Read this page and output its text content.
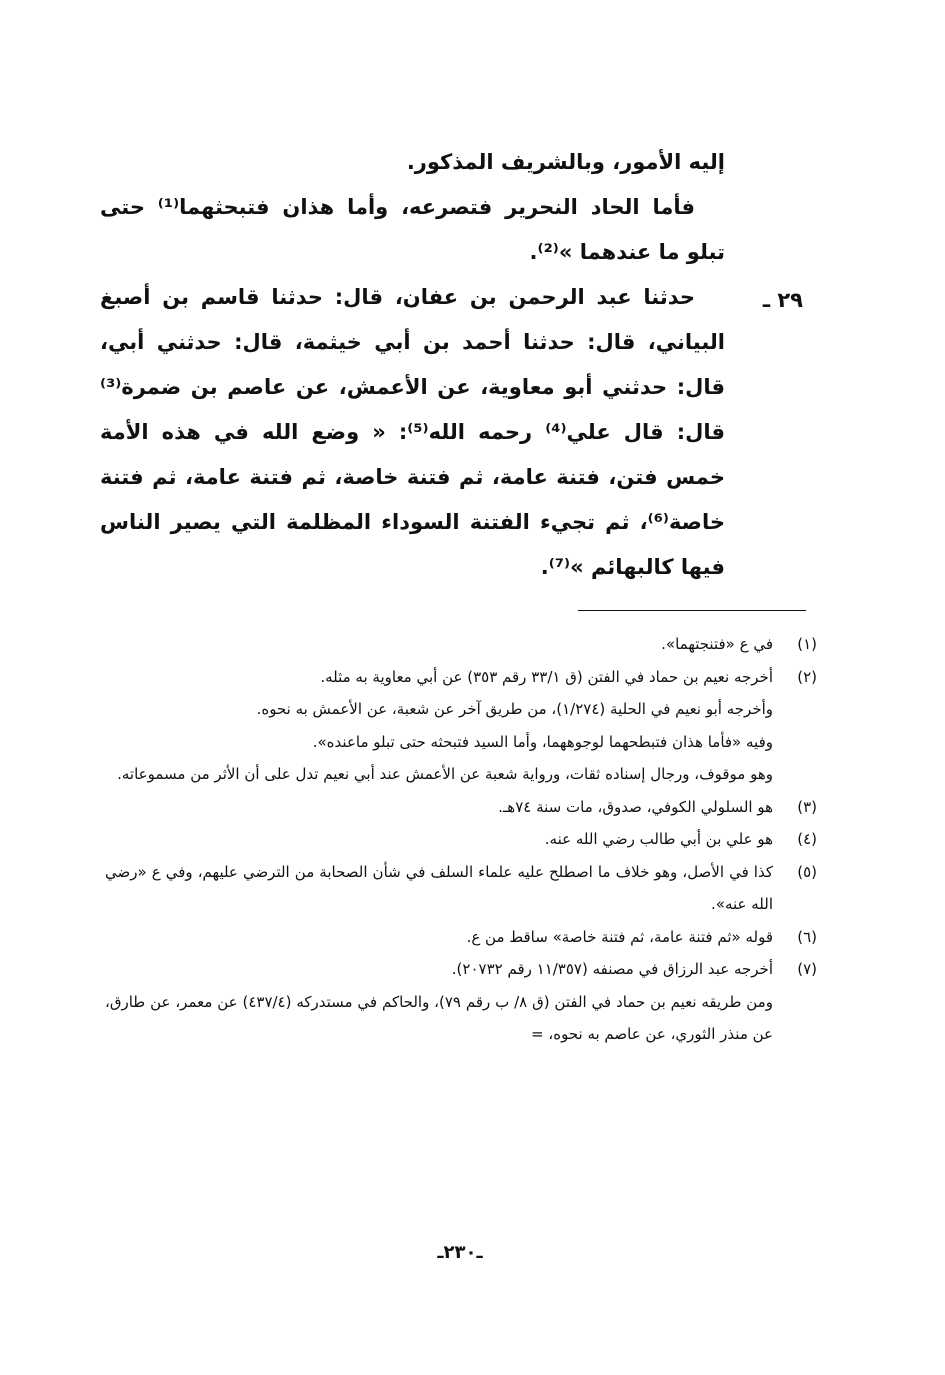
إليه الأمور، وبالشريف المذكور.

فأما الحاد النحرير فتصرعه، وأما هذان فتبحثهما⁽¹⁾ حتى تبلو ما عندهما »⁽²⁾.

حدثنا عبد الرحمن بن عفان، قال: حدثنا قاسم بن أصبغ البياني، قال: حدثنا أحمد بن أبي خيثمة، قال: حدثني أبي، قال: حدثني أبو معاوية، عن الأعمش، عن عاصم بن ضمرة⁽³⁾ قال: قال علي⁽⁴⁾ رحمه الله⁽⁵⁾: « وضع الله في هذه الأمة خمس فتن، فتنة عامة، ثم فتنة خاصة، ثم فتنة عامة، ثم فتنة خاصة⁽⁶⁾، ثم تجيء الفتنة السوداء المظلمة التي يصير الناس فيها كالبهائم »⁽⁷⁾.

٢٩ ـ
(١)
في ع «فتنجتهما».
(٢)
أخرجه نعيم بن حماد في الفتن (ق ٣٣/١ رقم ٣٥٣) عن أبي معاوية به مثله.
وأخرجه أبو نعيم في الحلية (١/٢٧٤)، من طريق آخر عن شعبة، عن الأعمش به نحوه.
وفيه «فأما هذان فتبطحهما لوجوههما، وأما السيد فتبحثه حتى تبلو ماعنده».
وهو موقوف، ورجال إسناده ثقات، ورواية شعبة عن الأعمش عند أبي نعيم تدل على أن الأثر من مسموعاته.
(٣)
هو السلولي الكوفي، صدوق، مات سنة ٧٤هـ.
(٤)
هو علي بن أبي طالب رضي الله عنه.
(٥)
كذا في الأصل، وهو خلاف ما اصطلح عليه علماء السلف في شأن الصحابة من الترضي عليهم، وفي ع «رضي الله عنه».
(٦)
قوله «ثم فتنة عامة، ثم فتنة خاصة» ساقط من ع.
(٧)
أخرجه عبد الرزاق في مصنفه (١١/٣٥٧ رقم ٢٠٧٣٢).
ومن طريقه نعيم بن حماد في الفتن (ق ٨/ ب رقم ٧٩)، والحاكم في مستدركه (٤٣٧/٤) عن معمر، عن طارق، عن منذر الثوري، عن عاصم به نحوه، =
ـ٢٣٠ـ
